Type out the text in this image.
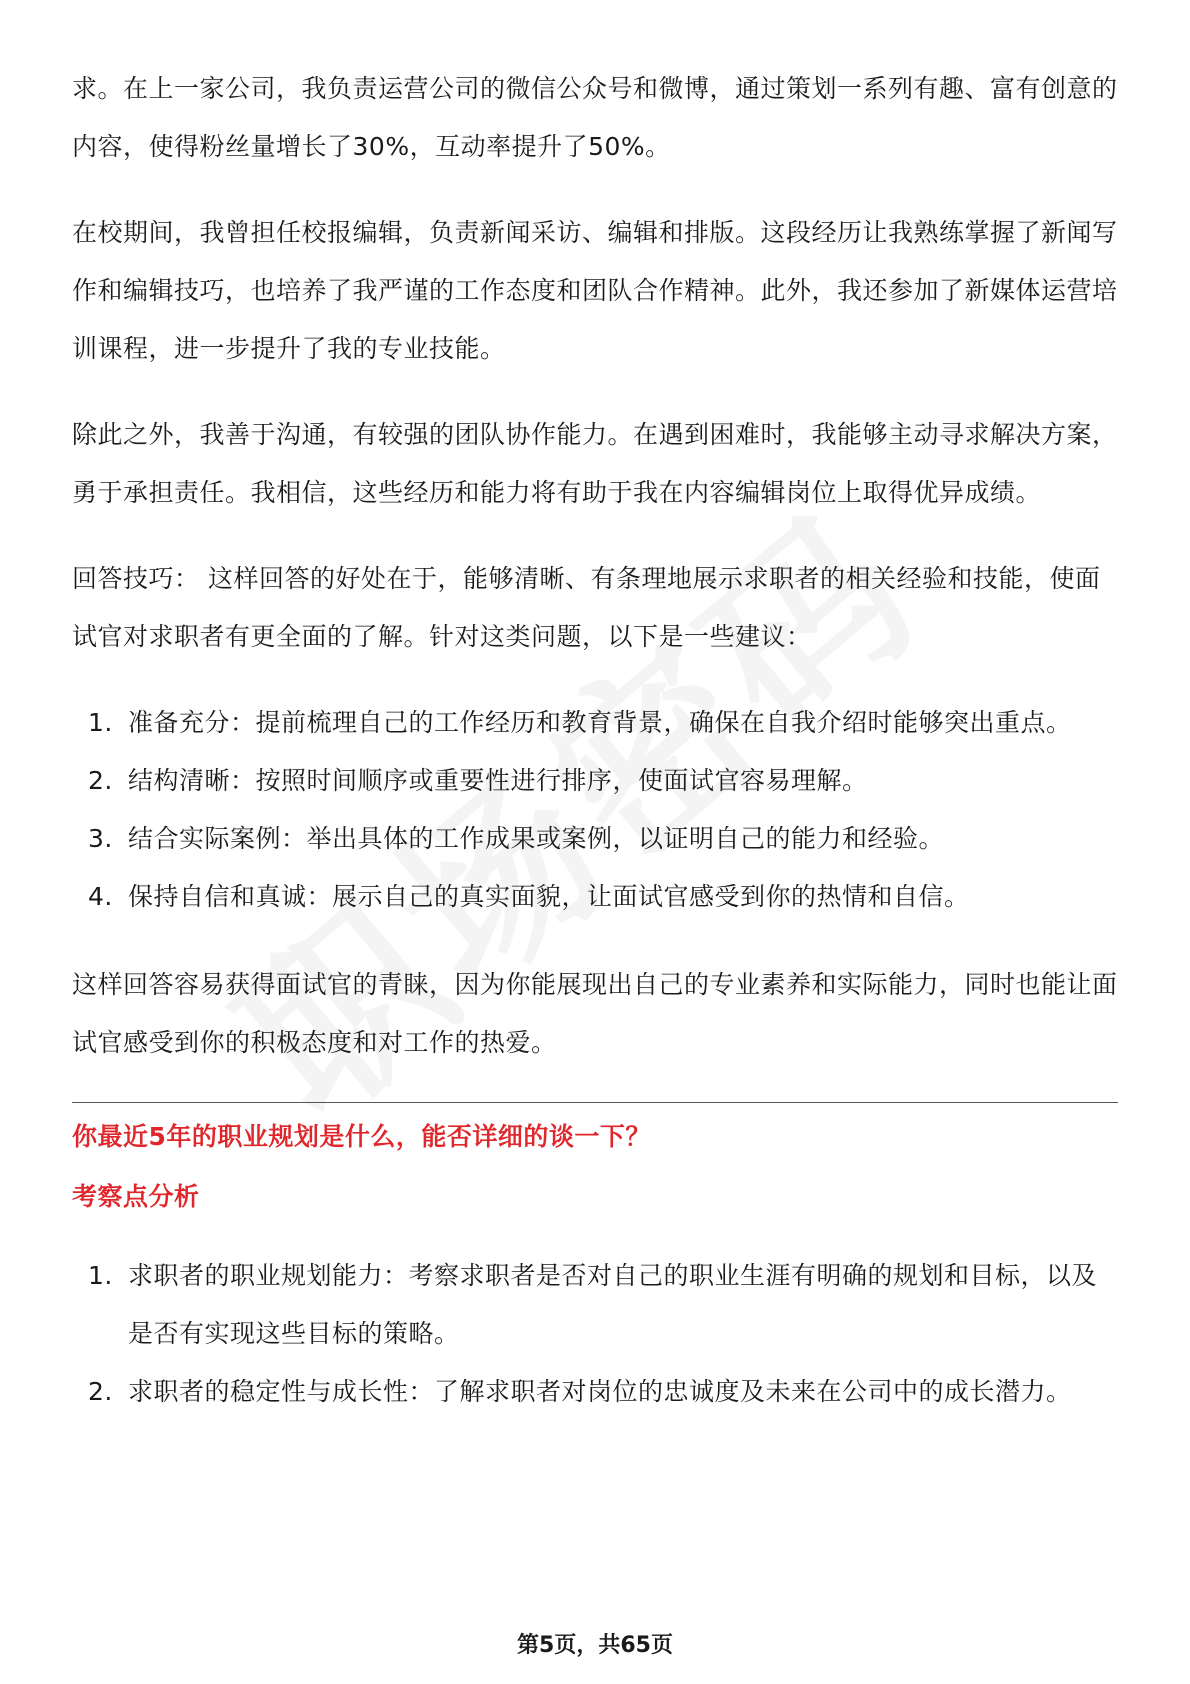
求。在上一家公司，我负责运营公司的微信公众号和微博，通过策划一系列有趣、富有创意的内容，使得粉丝量增长了30%，互动率提升了50%。

在校期间，我曾担任校报编辑，负责新闻采访、编辑和排版。这段经历让我熟练掌握了新闻写作和编辑技巧，也培养了我严谨的工作态度和团队合作精神。此外，我还参加了新媒体运营培训课程，进一步提升了我的专业技能。

除此之外，我善于沟通，有较强的团队协作能力。在遇到困难时，我能够主动寻求解决方案，勇于承担责任。我相信，这些经历和能力将有助于我在内容编辑岗位上取得优异成绩。

回答技巧： 这样回答的好处在于，能够清晰、有条理地展示求职者的相关经验和技能，使面试官对求职者有更全面的了解。针对这类问题，以下是一些建议：

1. 准备充分：提前梳理自己的工作经历和教育背景，确保在自我介绍时能够突出重点。
2. 结构清晰：按照时间顺序或重要性进行排序，使面试官容易理解。
3. 结合实际案例：举出具体的工作成果或案例，以证明自己的能力和经验。
4. 保持自信和真诚：展示自己的真实面貌，让面试官感受到你的热情和自信。

这样回答容易获得面试官的青睐，因为你能展现出自己的专业素养和实际能力，同时也能让面试官感受到你的积极态度和对工作的热爱。

你最近5年的职业规划是什么，能否详细的谈一下？
考察点分析
1. 求职者的职业规划能力：考察求职者是否对自己的职业生涯有明确的规划和目标，以及是否有实现这些目标的策略。
2. 求职者的稳定性与成长性：了解求职者对岗位的忠诚度及未来在公司中的成长潜力。
第5页，共65页
